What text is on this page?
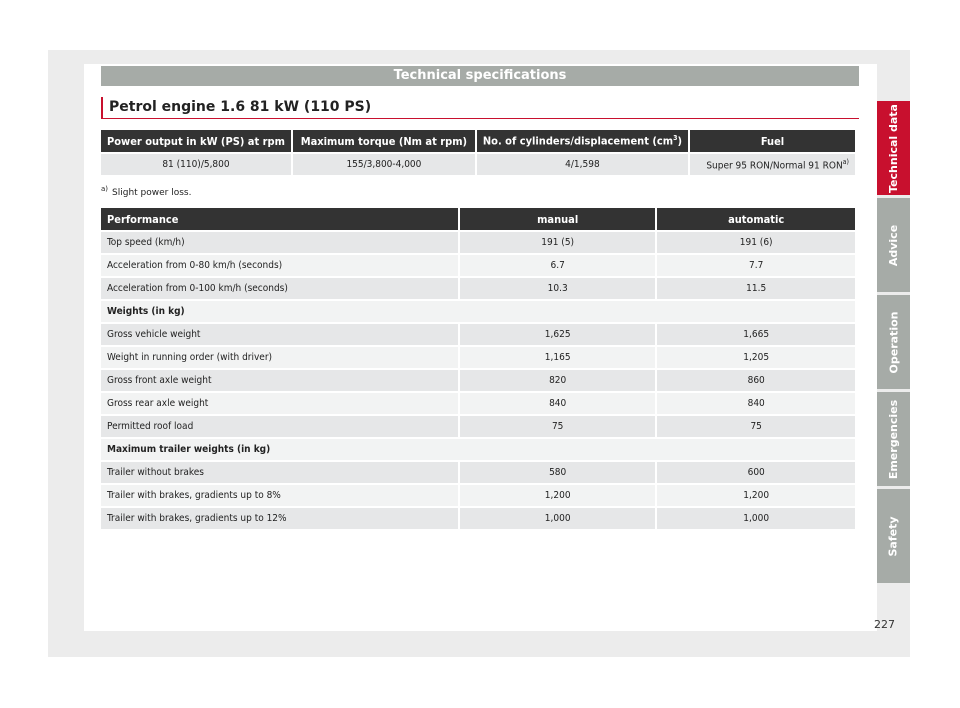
Technical specifications
Petrol engine 1.6 81 kW (110 PS)
Power output in kW (PS) at rpm	Maximum torque (Nm at rpm)	No. of cylinders/displacement $(cm^3)$	Fuel
81 (110)/5,800	155/3,800-4,000	4/1,598	Super 95 RON/Normal 91 RON$^{a)}$
$^{a)}$ Slight power loss.
Performance	manual	automatic
Top speed (km/h)	191 (5)	191 (6)
Acceleration from 0-80 km/h (seconds)	6.7	7.7
Acceleration from 0-100 km/h (seconds)	10.3	11.5
Weights (in kg)		
Gross vehicle weight	1,625	1,665
Weight in running order (with driver)	1,165	1,205
Gross front axle weight	820	860
Gross rear axle weight	840	840
Permitted roof load	75	75
Maximum trailer weights (in kg)		
Trailer without brakes	580	600
Trailer with brakes, gradients up to 8%	1,200	1,200
Trailer with brakes, gradients up to 12%	1,000	1,000
Technical data
Advice
Operation
Emergencies
Safety
227
